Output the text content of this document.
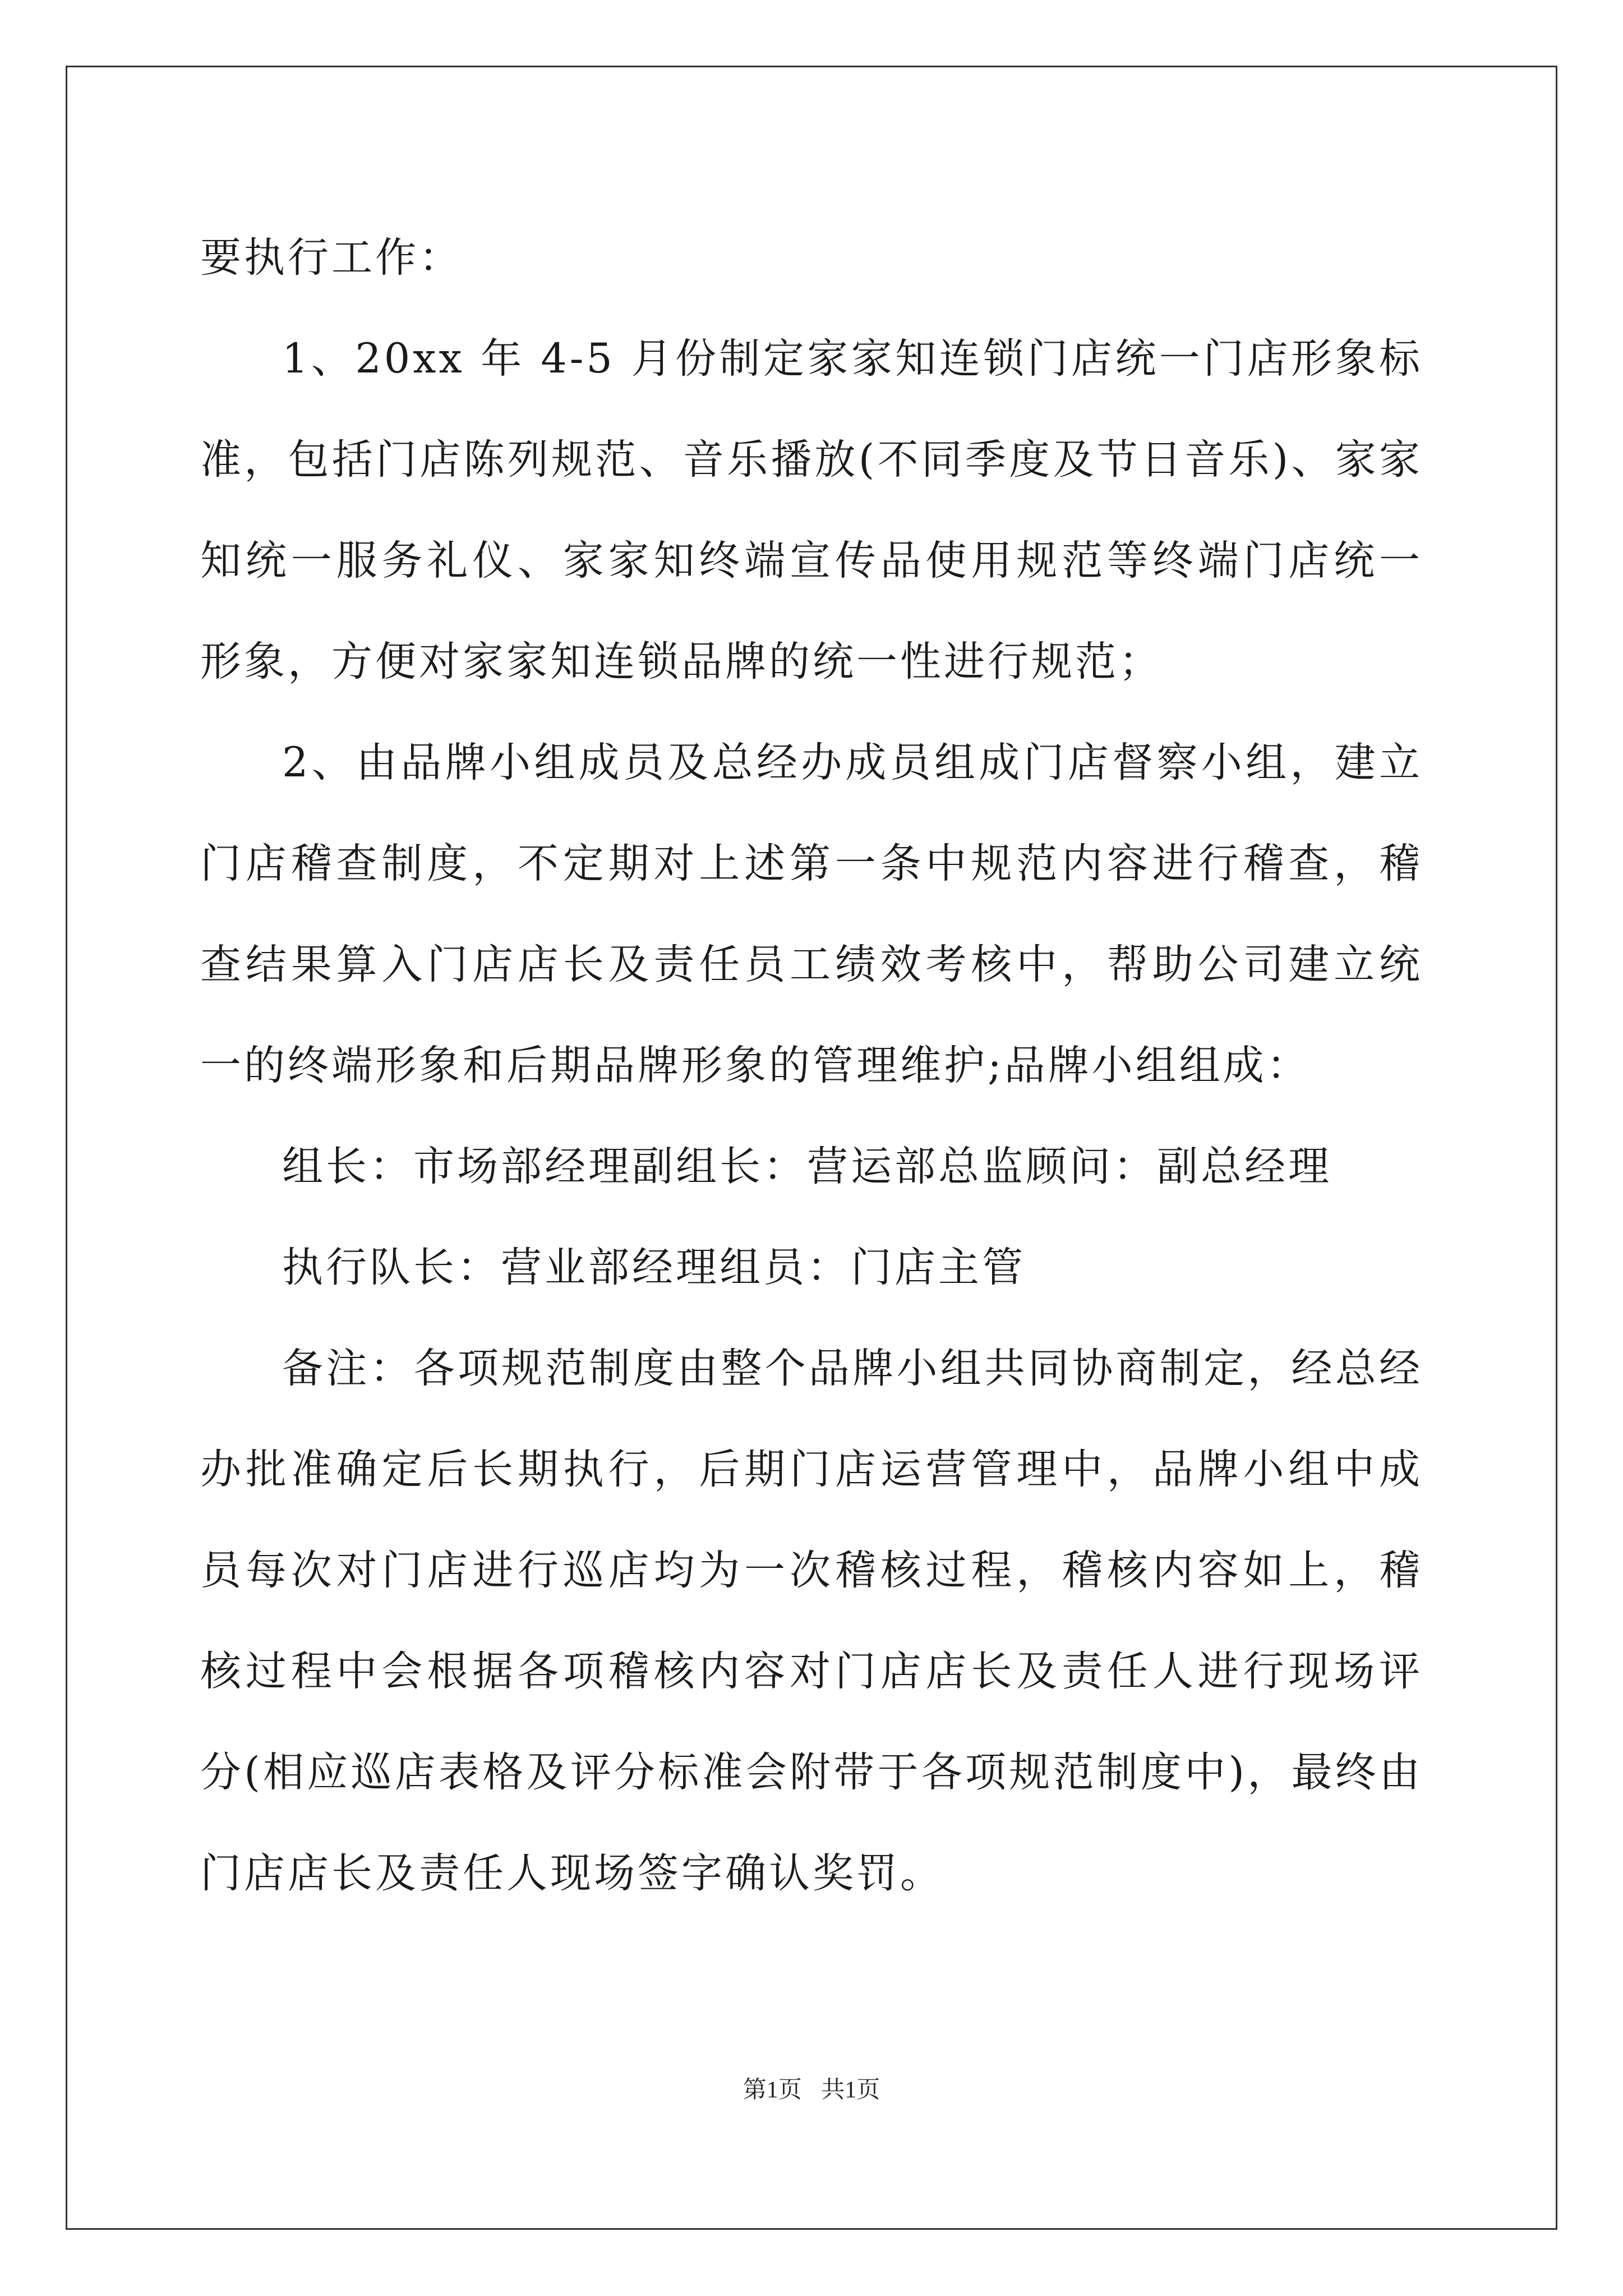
要执行工作：

1、20xx 年 4-5 月份制定家家知连锁门店统一门店形象标准，包括门店陈列规范、音乐播放(不同季度及节日音乐)、家家知统一服务礼仪、家家知终端宣传品使用规范等终端门店统一形象，方便对家家知连锁品牌的统一性进行规范；

2、由品牌小组成员及总经办成员组成门店督察小组，建立门店稽查制度，不定期对上述第一条中规范内容进行稽查，稽查结果算入门店店长及责任员工绩效考核中，帮助公司建立统一的终端形象和后期品牌形象的管理维护;品牌小组组成：

组长：市场部经理副组长：营运部总监顾问：副总经理

执行队长：营业部经理组员：门店主管

备注：各项规范制度由整个品牌小组共同协商制定，经总经办批准确定后长期执行，后期门店运营管理中，品牌小组中成员每次对门店进行巡店均为一次稽核过程，稽核内容如上，稽核过程中会根据各项稽核内容对门店店长及责任人进行现场评分(相应巡店表格及评分标准会附带于各项规范制度中)，最终由门店店长及责任人现场签字确认奖罚。

第1页 共1页
